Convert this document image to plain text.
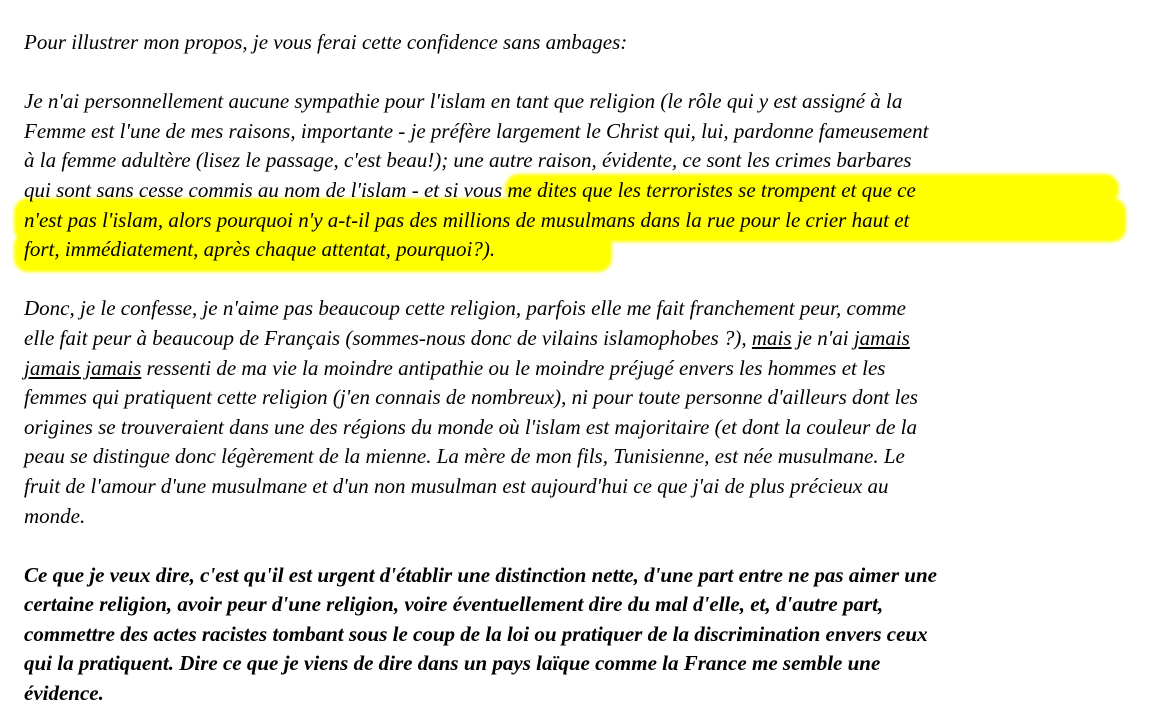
Pour illustrer mon propos, je vous ferai cette confidence sans ambages:

Je n'ai personnellement aucune sympathie pour l'islam en tant que religion (le rôle qui y est assigné à la
Femme est l'une de mes raisons, importante - je préfère largement le Christ qui, lui, pardonne fameusement
à la femme adultère (lisez le passage, c'est beau!); une autre raison, évidente, ce sont les crimes barbares
qui sont sans cesse commis au nom de l'islam - et si vous me dites que les terroristes se trompent et que ce
n'est pas l'islam, alors pourquoi n'y a-t-il pas des millions de musulmans dans la rue pour le crier haut et
fort, immédiatement, après chaque attentat, pourquoi?).

Donc, je le confesse, je n'aime pas beaucoup cette religion, parfois elle me fait franchement peur, comme
elle fait peur à beaucoup de Français (sommes-nous donc de vilains islamophobes ?), mais je n'ai jamais
jamais jamais ressenti de ma vie la moindre antipathie ou le moindre préjugé envers les hommes et les
femmes qui pratiquent cette religion (j'en connais de nombreux), ni pour toute personne d'ailleurs dont les
origines se trouveraient dans une des régions du monde où l'islam est majoritaire (et dont la couleur de la
peau se distingue donc légèrement de la mienne. La mère de mon fils, Tunisienne, est née musulmane. Le
fruit de l'amour d'une musulmane et d'un non musulman est aujourd'hui ce que j'ai de plus précieux au
monde.

Ce que je veux dire, c'est qu'il est urgent d'établir une distinction nette, d'une part entre ne pas aimer une
certaine religion, avoir peur d'une religion, voire éventuellement dire du mal d'elle, et, d'autre part,
commettre des actes racistes tombant sous le coup de la loi ou pratiquer de la discrimination envers ceux
qui la pratiquent. Dire ce que je viens de dire dans un pays laïque comme la France me semble une
évidence.
